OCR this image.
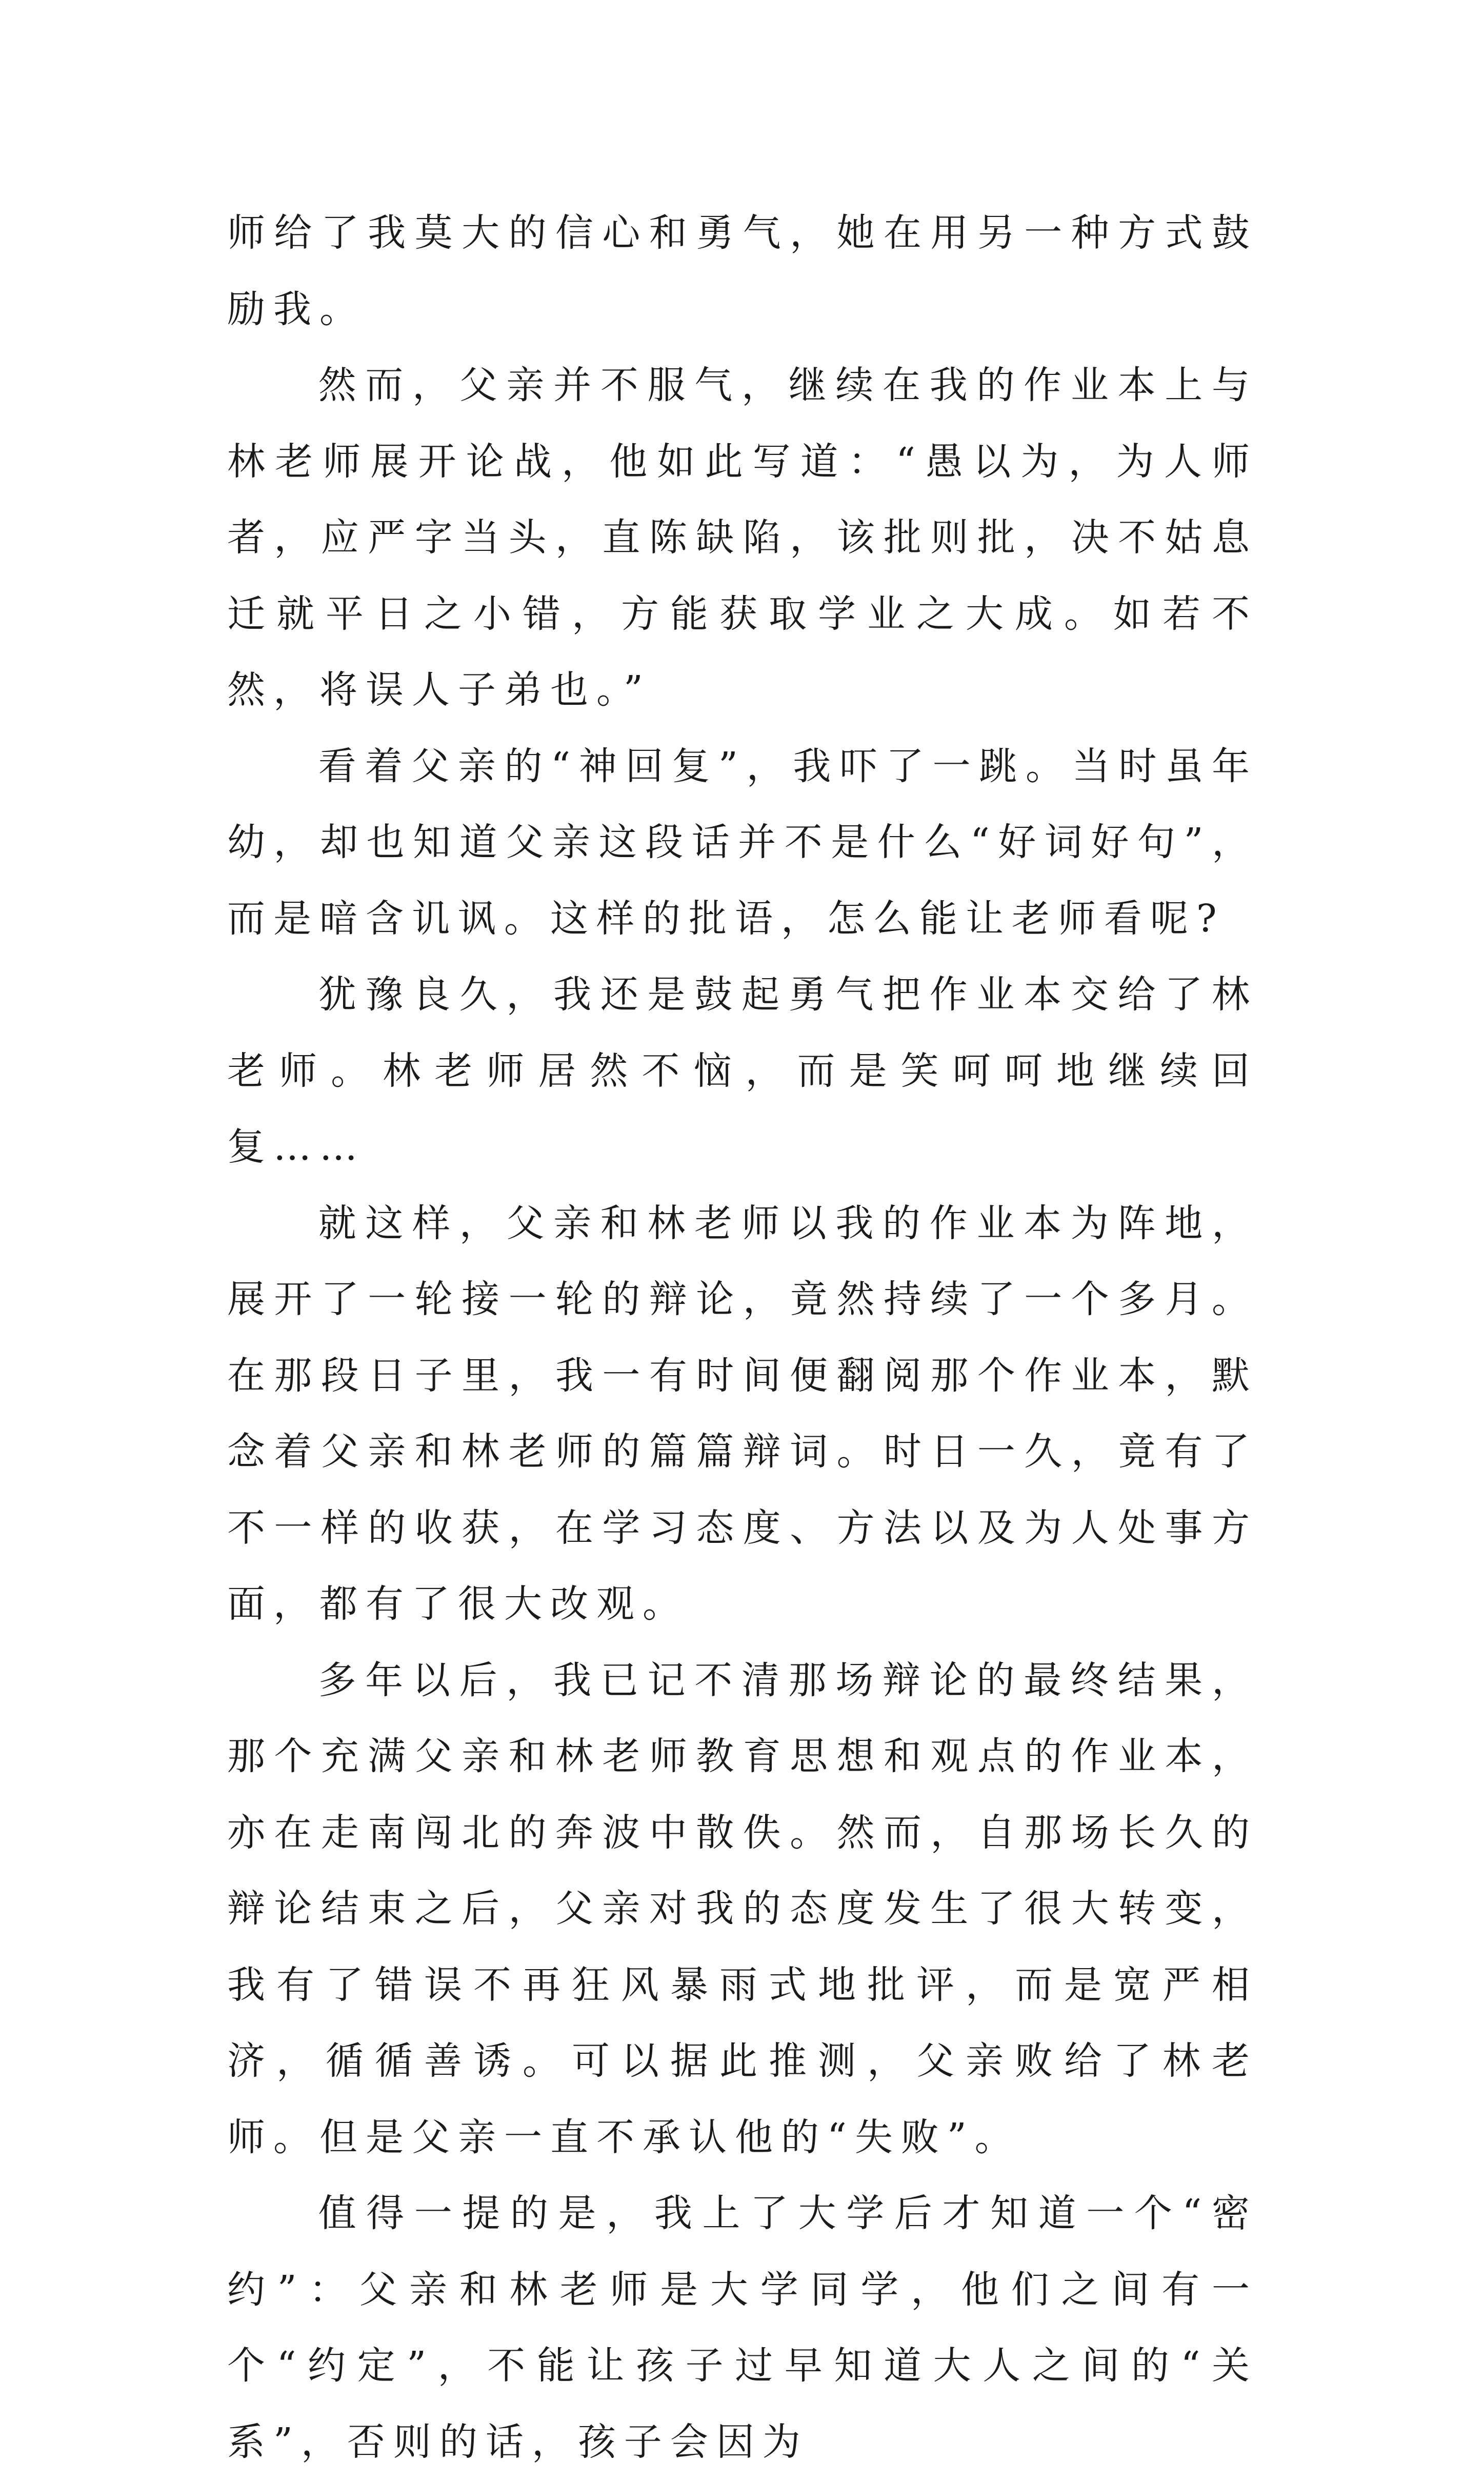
师给了我莫大的信心和勇气，她在用另一种方式鼓励我。

然而，父亲并不服气，继续在我的作业本上与林老师展开论战，他如此写道：“愚以为，为人师者，应严字当头，直陈缺陷，该批则批，决不姑息迁就平日之小错，方能获取学业之大成。如若不然，将误人子弟也。”

看着父亲的“神回复”，我吓了一跳。当时虽年幼，却也知道父亲这段话并不是什么“好词好句”，而是暗含讥讽。这样的批语，怎么能让老师看呢?

犹豫良久，我还是鼓起勇气把作业本交给了林老师。林老师居然不恼，而是笑呵呵地继续回复……

就这样，父亲和林老师以我的作业本为阵地，展开了一轮接一轮的辩论，竟然持续了一个多月。在那段日子里，我一有时间便翻阅那个作业本，默念着父亲和林老师的篇篇辩词。时日一久，竟有了不一样的收获，在学习态度、方法以及为人处事方面，都有了很大改观。

多年以后，我已记不清那场辩论的最终结果，那个充满父亲和林老师教育思想和观点的作业本，亦在走南闯北的奔波中散佚。然而，自那场长久的辩论结束之后，父亲对我的态度发生了很大转变，我有了错误不再狂风暴雨式地批评，而是宽严相济，循循善诱。可以据此推测，父亲败给了林老师。但是父亲一直不承认他的“失败”。

值得一提的是，我上了大学后才知道一个“密约”：父亲和林老师是大学同学，他们之间有一个“约定”，不能让孩子过早知道大人之间的“关系”，否则的话，孩子会因为
